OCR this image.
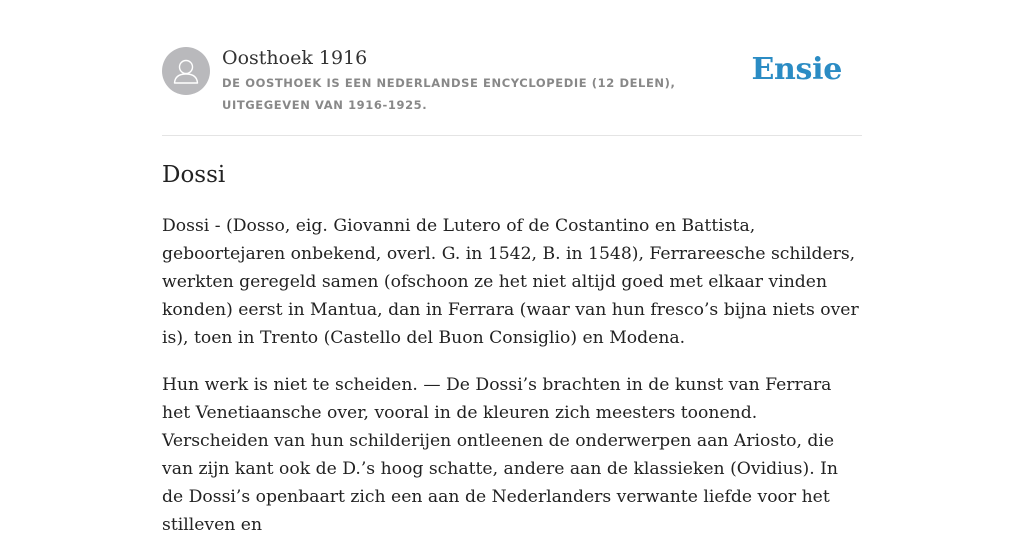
Oosthoek 1916
DE OOSTHOEK IS EEN NEDERLANDSE ENCYCLOPEDIE (12 DELEN), UITGEGEVEN VAN 1916-1925.
Ensie
Dossi

Dossi - (Dosso, eig. Giovanni de Lutero of de Costantino en Battista, geboortejaren onbekend, overl. G. in 1542, B. in 1548), Ferrareesche schilders, werkten geregeld samen (ofschoon ze het niet altijd goed met elkaar vinden konden) eerst in Mantua, dan in Ferrara (waar van hun fresco’s bijna niets over is), toen in Trento (Castello del Buon Consiglio) en Modena.

Hun werk is niet te scheiden. — De Dossi’s brachten in de kunst van Ferrara het Venetiaansche over, vooral in de kleuren zich meesters toonend. Verscheiden van hun schilderijen ontleenen de onderwerpen aan Ariosto, die van zijn kant ook de D.’s hoog schatte, andere aan de klassieken (Ovidius). In de Dossi’s openbaart zich een aan de Nederlanders verwante liefde voor het stilleven en
